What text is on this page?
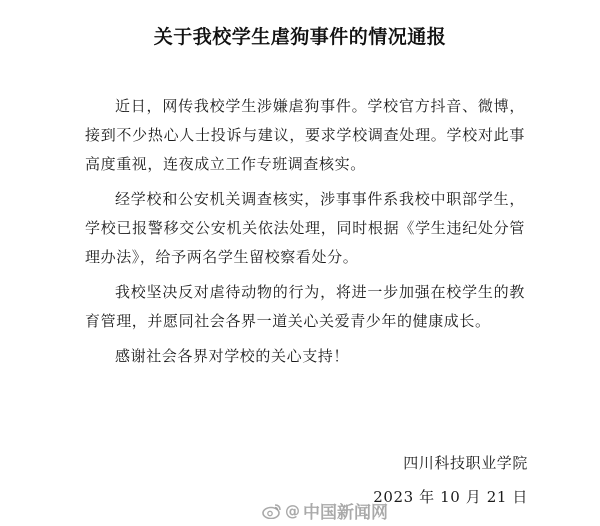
关于我校学生虐狗事件的情况通报

近日，网传我校学生涉嫌虐狗事件。学校官方抖音、微博，接到不少热心人士投诉与建议，要求学校调查处理。学校对此事高度重视，连夜成立工作专班调查核实。

经学校和公安机关调查核实，涉事事件系我校中职部学生，学校已报警移交公安机关依法处理，同时根据《学生违纪处分管理办法》，给予两名学生留校察看处分。

我校坚决反对虐待动物的行为，将进一步加强在校学生的教育管理，并愿同社会各界一道关心关爱青少年的健康成长。

感谢社会各界对学校的关心支持！

四川科技职业学院
2023 年 10 月 21 日
@ 中国新闻网
